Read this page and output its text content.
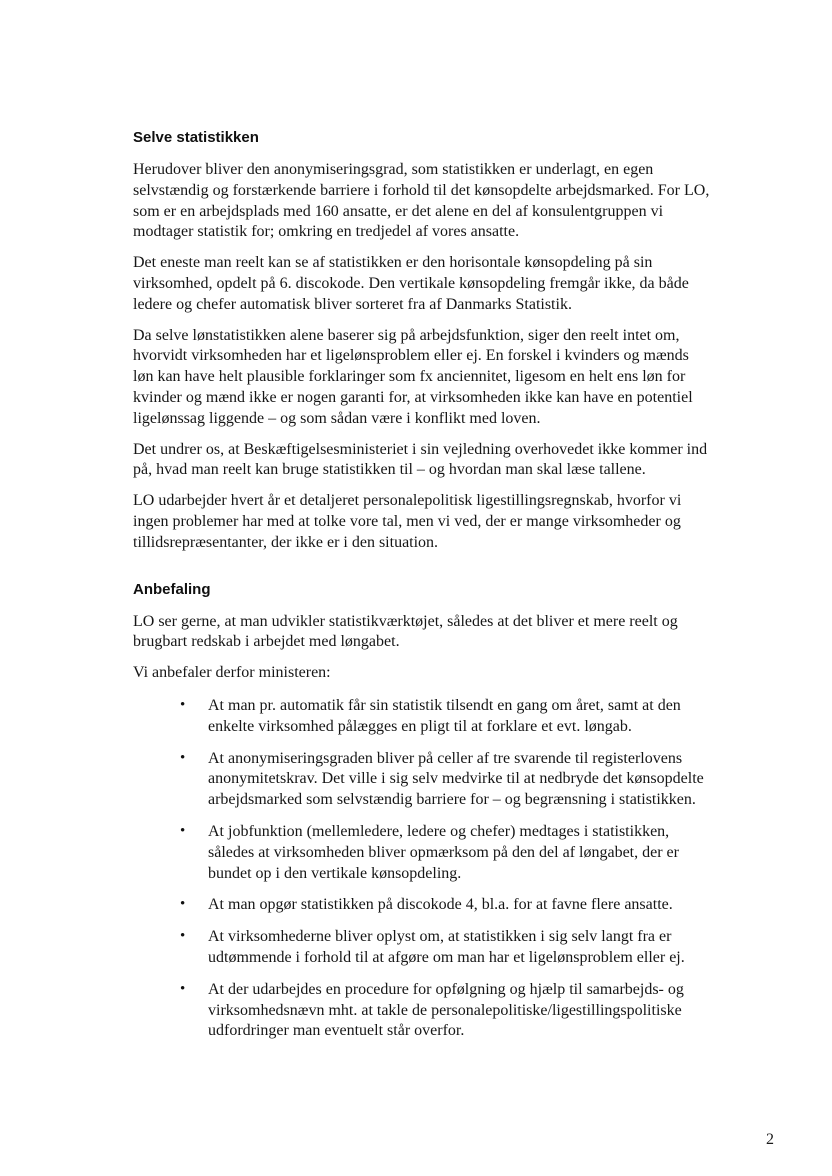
Selve statistikken

Herudover bliver den anonymiseringsgrad, som statistikken er underlagt, en egen selvstændig og forstærkende barriere i forhold til det kønsopdelte arbejdsmarked. For LO, som er en arbejdsplads med 160 ansatte, er det alene en del af konsulentgruppen vi modtager statistik for; omkring en tredjedel af vores ansatte.

Det eneste man reelt kan se af statistikken er den horisontale kønsopdeling på sin virksomhed, opdelt på 6. discokode. Den vertikale kønsopdeling fremgår ikke, da både ledere og chefer automatisk bliver sorteret fra af Danmarks Statistik.

Da selve lønstatistikken alene baserer sig på arbejdsfunktion, siger den reelt intet om, hvorvidt virksomheden har et ligelønsproblem eller ej. En forskel i kvinders og mænds løn kan have helt plausible forklaringer som fx anciennitet, ligesom en helt ens løn for kvinder og mænd ikke er nogen garanti for, at virksomheden ikke kan have en potentiel ligelønssag liggende – og som sådan være i konflikt med loven.

Det undrer os, at Beskæftigelsesministeriet i sin vejledning overhovedet ikke kommer ind på, hvad man reelt kan bruge statistikken til – og hvordan man skal læse tallene.

LO udarbejder hvert år et detaljeret personalepolitisk ligestillingsregnskab, hvorfor vi ingen problemer har med at tolke vore tal, men vi ved, der er mange virksomheder og tillidsrepræsentanter, der ikke er i den situation.

Anbefaling

LO ser gerne, at man udvikler statistikværktøjet, således at det bliver et mere reelt og brugbart redskab i arbejdet med løngabet.

Vi anbefaler derfor ministeren:

• At man pr. automatik får sin statistik tilsendt en gang om året, samt at den enkelte virksomhed pålægges en pligt til at forklare et evt. løngab.
• At anonymiseringsgraden bliver på celler af tre svarende til registerlovens anonymitetskrav. Det ville i sig selv medvirke til at nedbryde det kønsopdelte arbejdsmarked som selvstændig barriere for – og begrænsning i statistikken.
• At jobfunktion (mellemledere, ledere og chefer) medtages i statistikken, således at virksomheden bliver opmærksom på den del af løngabet, der er bundet op i den vertikale kønsopdeling.
• At man opgør statistikken på discokode 4, bl.a. for at favne flere ansatte.
• At virksomhederne bliver oplyst om, at statistikken i sig selv langt fra er udtømmende i forhold til at afgøre om man har et ligelønsproblem eller ej.
• At der udarbejdes en procedure for opfølgning og hjælp til samarbejds- og virksomhedsnævn mht. at takle de personalepolitiske/ligestillingspolitiske udfordringer man eventuelt står overfor.
2
